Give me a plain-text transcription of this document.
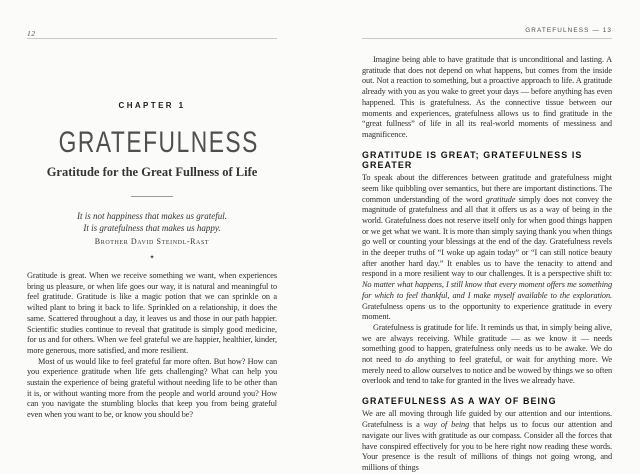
12
CHAPTER 1
GRATEFULNESS
Gratitude for the Great Fullness of Life
It is not happiness that makes us grateful.
It is gratefulness that makes us happy.
Brother David Steindl-Rast
✦

Gratitude is great. When we receive something we want, when experiences bring us pleasure, or when life goes our way, it is natural and meaningful to feel gratitude. Gratitude is like a magic potion that we can sprinkle on a wilted plant to bring it back to life. Sprinkled on a relationship, it does the same. Scattered throughout a day, it leaves us and those in our path happier. Scientific studies continue to reveal that gratitude is simply good medicine, for us and for others. When we feel grateful we are happier, healthier, kinder, more generous, more satisfied, and more resilient.

Most of us would like to feel grateful far more often. But how? How can you experience gratitude when life gets challenging? What can help you sustain the experience of being grateful without needing life to be other than it is, or without wanting more from the people and world around you? How can you navigate the stumbling blocks that keep you from being grateful even when you want to be, or know you should be?

GRATEFULNESS — 13

Imagine being able to have gratitude that is unconditional and lasting. A gratitude that does not depend on what happens, but comes from the inside out. Not a reaction to something, but a proactive approach to life. A gratitude already with you as you wake to greet your days — before anything has even happened. This is gratefulness. As the connective tissue between our moments and experiences, gratefulness allows us to find gratitude in the “great fullness” of life in all its real-world moments of messiness and magnificence.

GRATITUDE IS GREAT; GRATEFULNESS IS GREATER

To speak about the differences between gratitude and gratefulness might seem like quibbling over semantics, but there are important distinctions. The common understanding of the word gratitude simply does not convey the magnitude of gratefulness and all that it offers us as a way of being in the world. Gratefulness does not reserve itself only for when good things happen or we get what we want. It is more than simply saying thank you when things go well or counting your blessings at the end of the day. Gratefulness revels in the deeper truths of “I woke up again today” or “I can still notice beauty after another hard day.” It enables us to have the tenacity to attend and respond in a more resilient way to our challenges. It is a perspective shift to: No matter what happens, I still know that every moment offers me something for which to feel thankful, and I make myself available to the exploration. Gratefulness opens us to the opportunity to experience gratitude in every moment.

Gratefulness is gratitude for life. It reminds us that, in simply being alive, we are always receiving. While gratitude — as we know it — needs something good to happen, gratefulness only needs us to be awake. We do not need to do anything to feel grateful, or wait for anything more. We merely need to allow ourselves to notice and be wowed by things we so often overlook and tend to take for granted in the lives we already have.

GRATEFULNESS AS A WAY OF BEING

We are all moving through life guided by our attention and our intentions. Gratefulness is a way of being that helps us to focus our attention and navigate our lives with gratitude as our compass. Consider all the forces that have conspired effectively for you to be here right now reading these words. Your presence is the result of millions of things not going wrong, and millions of things
